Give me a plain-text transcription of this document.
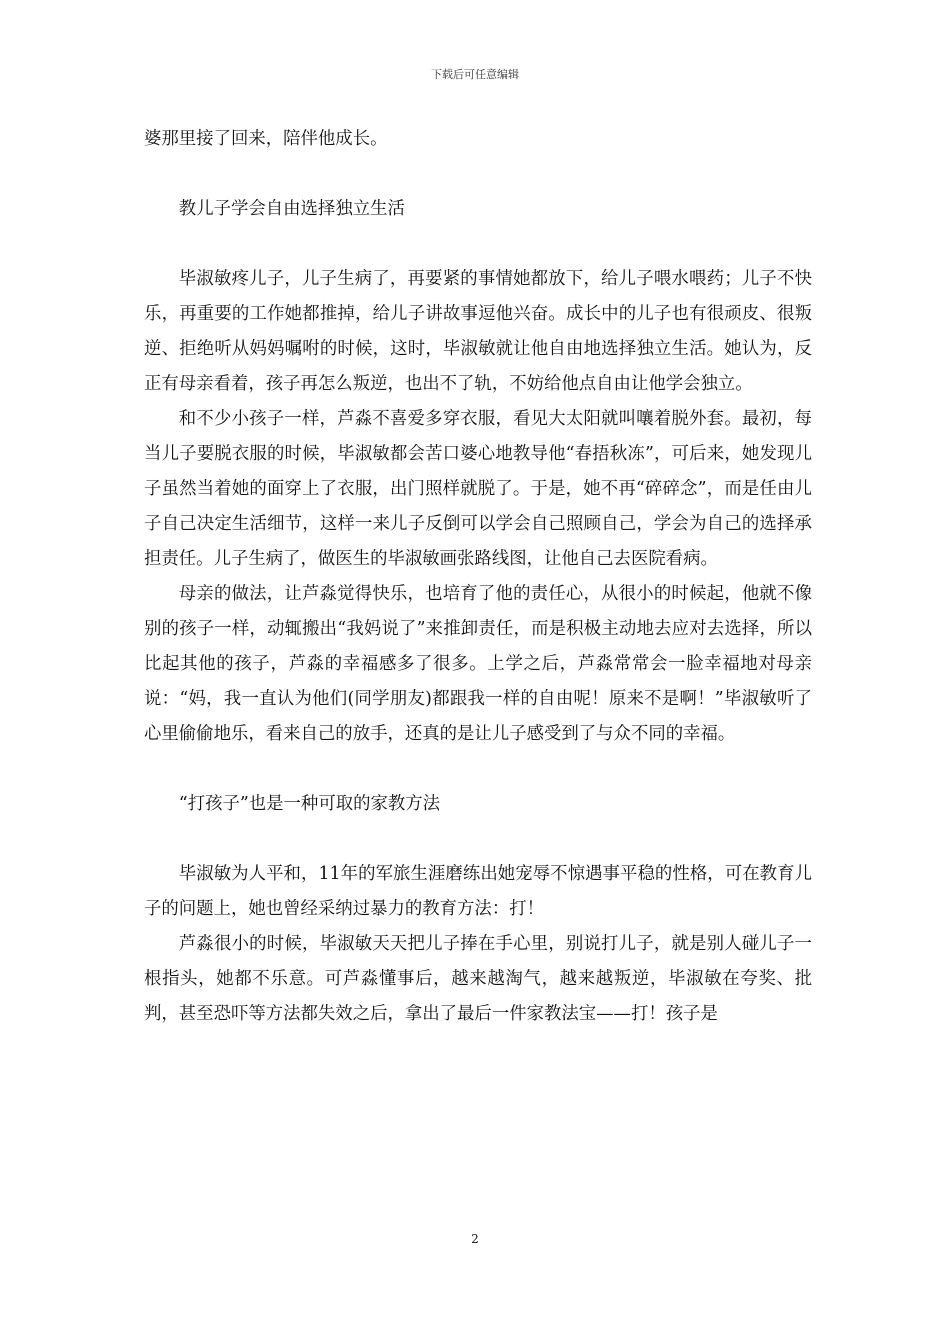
下载后可任意编辑

婆那里接了回来，陪伴他成长。

教儿子学会自由选择独立生活

毕淑敏疼儿子，儿子生病了，再要紧的事情她都放下，给儿子喂水喂药；儿子不快乐，再重要的工作她都推掉，给儿子讲故事逗他兴奋。成长中的儿子也有很顽皮、很叛逆、拒绝听从妈妈嘱咐的时候，这时，毕淑敏就让他自由地选择独立生活。她认为，反正有母亲看着，孩子再怎么叛逆，也出不了轨，不妨给他点自由让他学会独立。

和不少小孩子一样，芦淼不喜爱多穿衣服，看见大太阳就叫嚷着脱外套。最初，每当儿子要脱衣服的时候，毕淑敏都会苦口婆心地教导他“春捂秋冻”，可后来，她发现儿子虽然当着她的面穿上了衣服，出门照样就脱了。于是，她不再“碎碎念”，而是任由儿子自己决定生活细节，这样一来儿子反倒可以学会自己照顾自己，学会为自己的选择承担责任。儿子生病了，做医生的毕淑敏画张路线图，让他自己去医院看病。

母亲的做法，让芦淼觉得快乐，也培育了他的责任心，从很小的时候起，他就不像别的孩子一样，动辄搬出“我妈说了”来推卸责任，而是积极主动地去应对去选择，所以比起其他的孩子，芦淼的幸福感多了很多。上学之后，芦淼常常会一脸幸福地对母亲说：“妈，我一直认为他们(同学朋友)都跟我一样的自由呢！原来不是啊！”毕淑敏听了心里偷偷地乐，看来自己的放手，还真的是让儿子感受到了与众不同的幸福。

“打孩子”也是一种可取的家教方法

毕淑敏为人平和，11年的军旅生涯磨练出她宠辱不惊遇事平稳的性格，可在教育儿子的问题上，她也曾经采纳过暴力的教育方法：打！

芦淼很小的时候，毕淑敏天天把儿子捧在手心里，别说打儿子，就是别人碰儿子一根指头，她都不乐意。可芦淼懂事后，越来越淘气，越来越叛逆，毕淑敏在夸奖、批判，甚至恐吓等方法都失效之后，拿出了最后一件家教法宝——打！孩子是

2
